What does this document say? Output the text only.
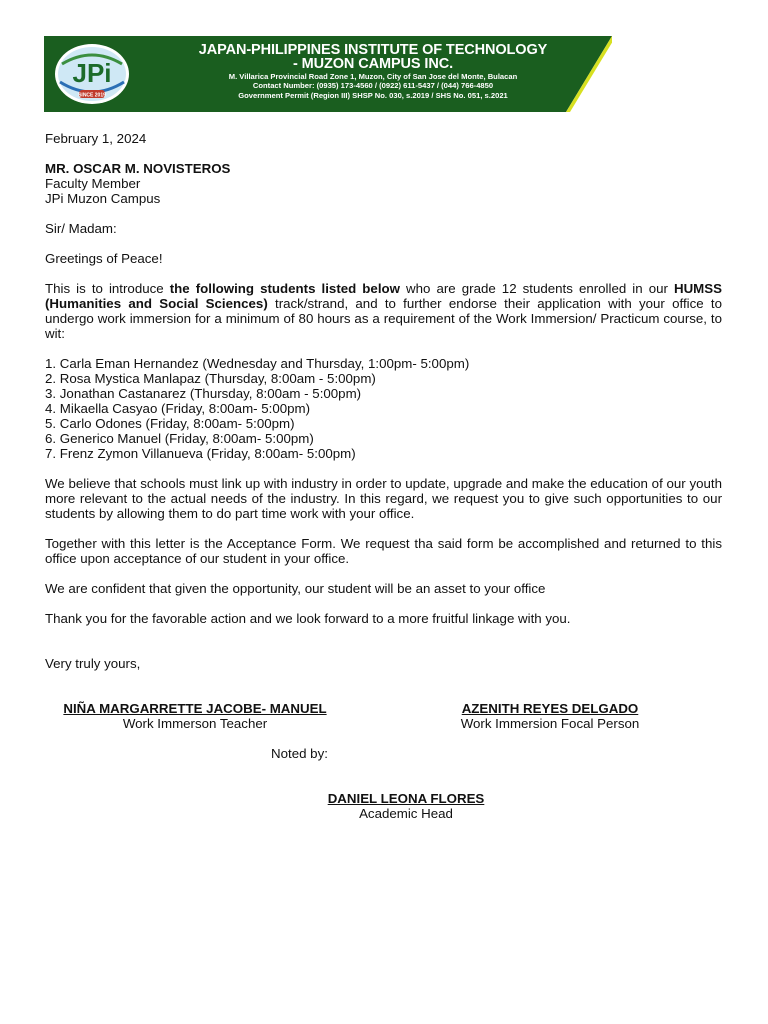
JPi
SINCE 2019
JAPAN-PHILIPPINES INSTITUTE OF TECHNOLOGY
- MUZON CAMPUS INC.
M. Villarica Provincial Road Zone 1, Muzon, City of San Jose del Monte, Bulacan
Contact Number: (0935) 173-4560 / (0922) 611-5437 / (044) 766-4850
Government Permit (Region III) SHSP No. 030, s.2019 / SHS No. 051, s.2021

February 1, 2024

MR. OSCAR M. NOVISTEROS

Faculty Member

JPi Muzon Campus

Sir/ Madam:

Greetings of Peace!

This is to introduce the following students listed below who are grade 12 students enrolled in our HUMSS (Humanities and Social Sciences) track/strand, and to further endorse their application with your office to undergo work immersion for a minimum of 80 hours as a requirement of the Work Immersion/ Practicum course, to wit:

1. Carla Eman Hernandez (Wednesday and Thursday, 1:00pm- 5:00pm)
2. Rosa Mystica Manlapaz (Thursday, 8:00am - 5:00pm)
3. Jonathan Castanarez (Thursday, 8:00am - 5:00pm)
4. Mikaella Casyao (Friday, 8:00am- 5:00pm)
5. Carlo Odones (Friday, 8:00am- 5:00pm)
6. Generico Manuel (Friday, 8:00am- 5:00pm)
7. Frenz Zymon Villanueva (Friday, 8:00am- 5:00pm)

We believe that schools must link up with industry in order to update, upgrade and make the education of our youth more relevant to the actual needs of the industry. In this regard, we request you to give such opportunities to our students by allowing them to do part time work with your office.

Together with this letter is the Acceptance Form. We request tha said form be accomplished and returned to this office upon acceptance of our student in your office.

We are confident that given the opportunity, our student will be an asset to your office

Thank you for the favorable action and we look forward to a more fruitful linkage with you.

Very truly yours,

NIÑA MARGARRETTE JACOBE- MANUEL
Work Immerson Teacher
AZENITH REYES DELGADO
Work Immersion Focal Person
Noted by:
DANIEL LEONA FLORES
Academic Head
